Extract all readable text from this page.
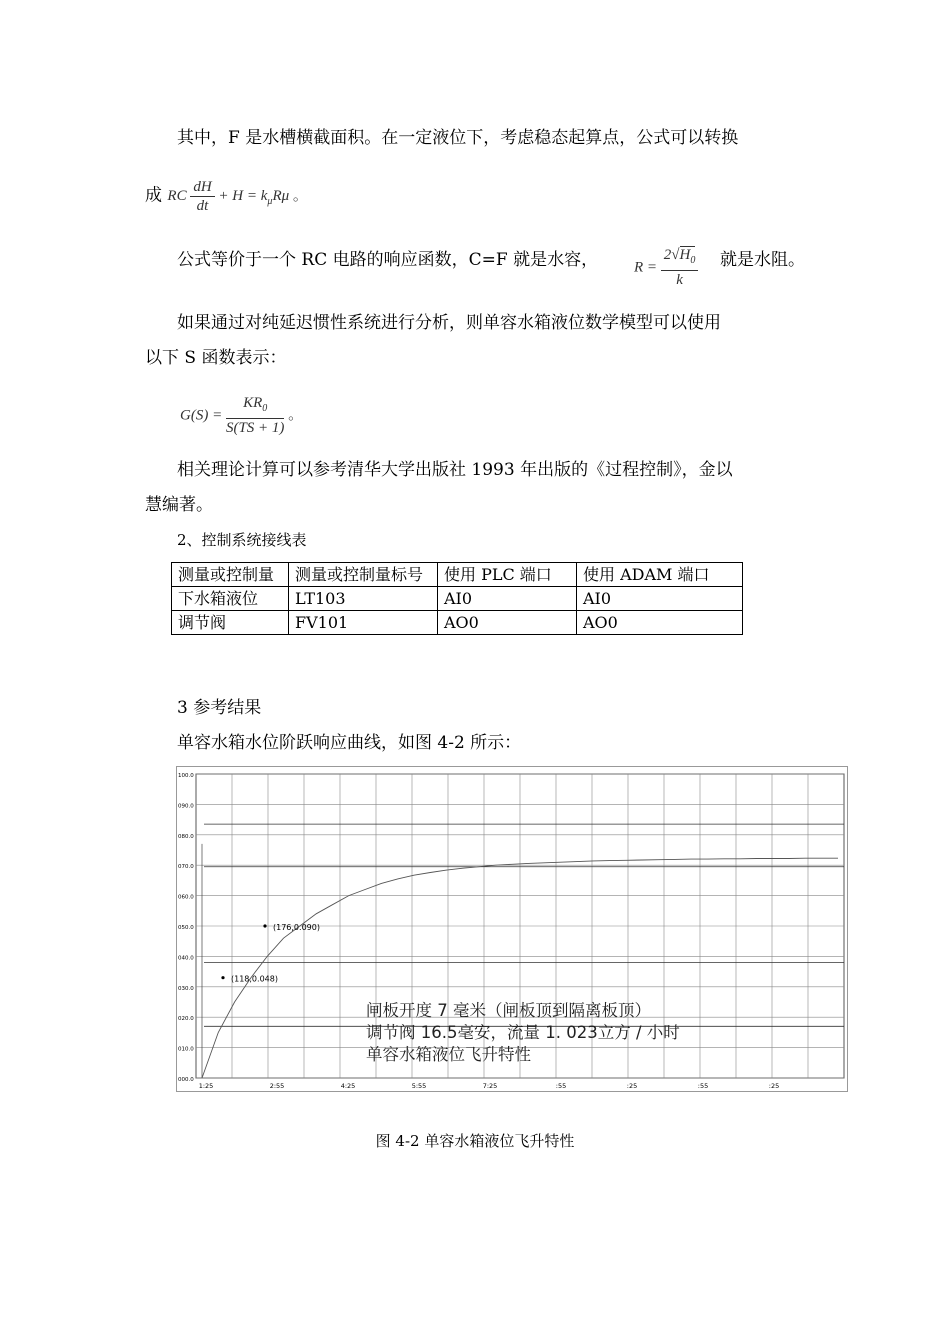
其中，F 是水槽横截面积。在一定液位下，考虑稳态起算点，公式可以转换
成 RC $\frac{dH}{dt} + H = k_\mu R\mu$ 。
公式等价于一个 RC 电路的响应函数，C=F 就是水容， $R = \frac{2√H_0}{k}$ 就是水阻。
如果通过对纯延迟惯性系统进行分析，则单容水箱液位数学模型可以使用
以下 S 函数表示：
$G(S) = \frac{KR_0}{S(TS + 1)}$ 。
相关理论计算可以参考清华大学出版社 1993 年出版的《过程控制》，金以
慧编著。
2、控制系统接线表
测量或控制量	测量或控制量标号	使用 PLC 端口	使用 ADAM 端口
下水箱液位	LT103	AI0	AI0
调节阀	FV101	AO0	AO0
3 参考结果
单容水箱水位阶跃响应曲线，如图 4-2 所示：
100.0
090.0
080.0
070.0
060.0
050.0
040.0
030.0
020.0
010.0
000.0
1:25	2:55	4:25	5:55	7:25	:55	:25	:55	:25
(118,0.048)
(176,0.090)
闸板开度 7 毫米（闸板顶到隔离板顶）
调节阀 16.5毫安，流量 1. 023立方 / 小时
单容水箱液位飞升特性
图 4-2 单容水箱液位飞升特性
